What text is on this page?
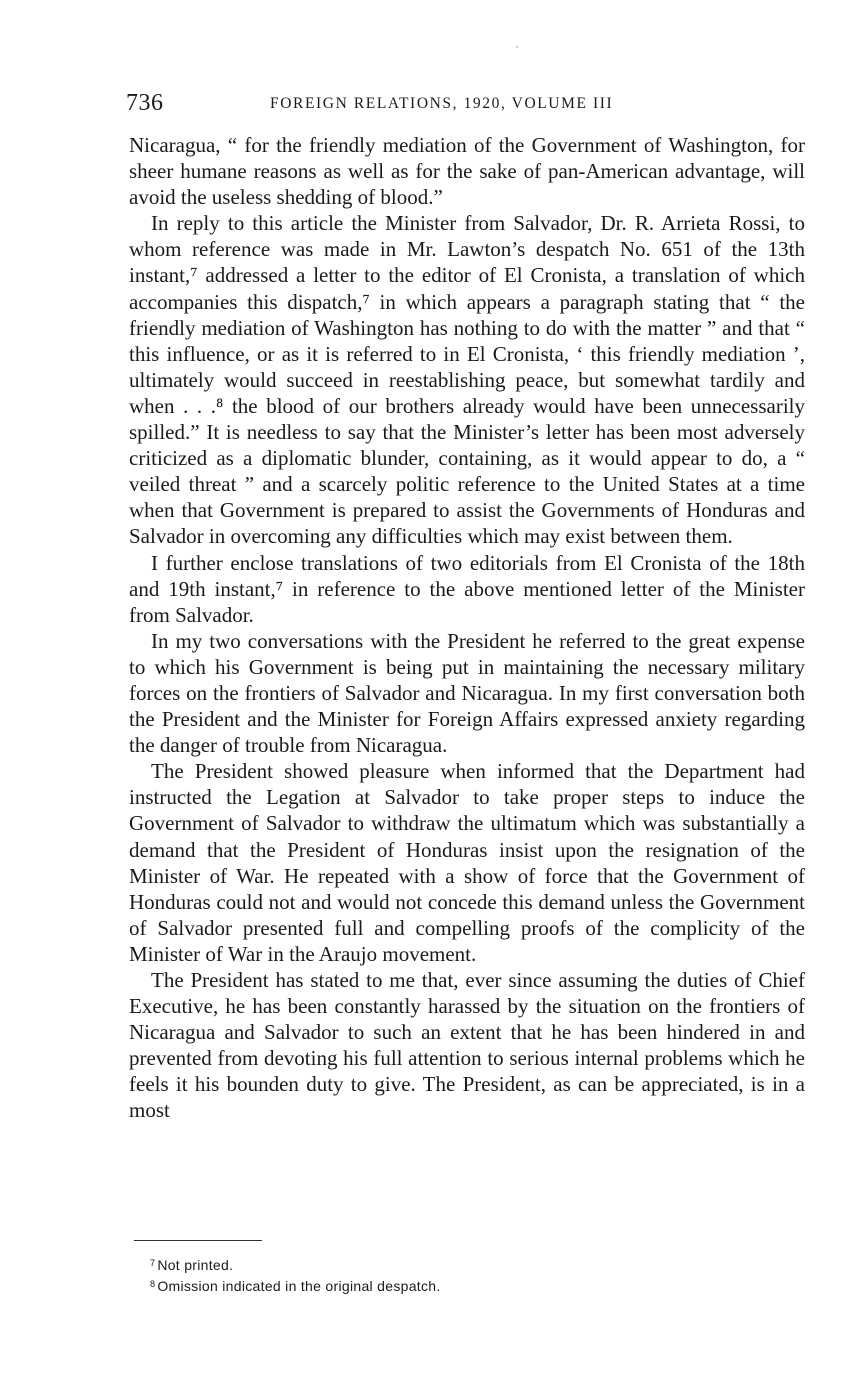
736	FOREIGN RELATIONS, 1920, VOLUME III

Nicaragua, “ for the friendly mediation of the Government of Washington, for sheer humane reasons as well as for the sake of pan-American advantage, will avoid the useless shedding of blood.”

In reply to this article the Minister from Salvador, Dr. R. Arrieta Rossi, to whom reference was made in Mr. Lawton’s despatch No. 651 of the 13th instant,⁷ addressed a letter to the editor of El Cronista, a translation of which accompanies this dispatch,⁷ in which appears a paragraph stating that “ the friendly mediation of Washington has nothing to do with the matter ” and that “ this influence, or as it is referred to in El Cronista, ‘ this friendly mediation ’, ultimately would succeed in reestablishing peace, but somewhat tardily and when . . .⁸ the blood of our brothers already would have been unnecessarily spilled.” It is needless to say that the Minister’s letter has been most adversely criticized as a diplomatic blunder, containing, as it would appear to do, a “ veiled threat ” and a scarcely politic reference to the United States at a time when that Government is prepared to assist the Governments of Honduras and Salvador in overcoming any difficulties which may exist between them.

I further enclose translations of two editorials from El Cronista of the 18th and 19th instant,⁷ in reference to the above mentioned letter of the Minister from Salvador.

In my two conversations with the President he referred to the great expense to which his Government is being put in maintaining the necessary military forces on the frontiers of Salvador and Nicaragua. In my first conversation both the President and the Minister for Foreign Affairs expressed anxiety regarding the danger of trouble from Nicaragua.

The President showed pleasure when informed that the Department had instructed the Legation at Salvador to take proper steps to induce the Government of Salvador to withdraw the ultimatum which was substantially a demand that the President of Honduras insist upon the resignation of the Minister of War. He repeated with a show of force that the Government of Honduras could not and would not concede this demand unless the Government of Salvador presented full and compelling proofs of the complicity of the Minister of War in the Araujo movement.

The President has stated to me that, ever since assuming the duties of Chief Executive, he has been constantly harassed by the situation on the frontiers of Nicaragua and Salvador to such an extent that he has been hindered in and prevented from devoting his full attention to serious internal problems which he feels it his bounden duty to give. The President, as can be appreciated, is in a most

$^7$ Not printed.

$^8$ Omission indicated in the original despatch.
